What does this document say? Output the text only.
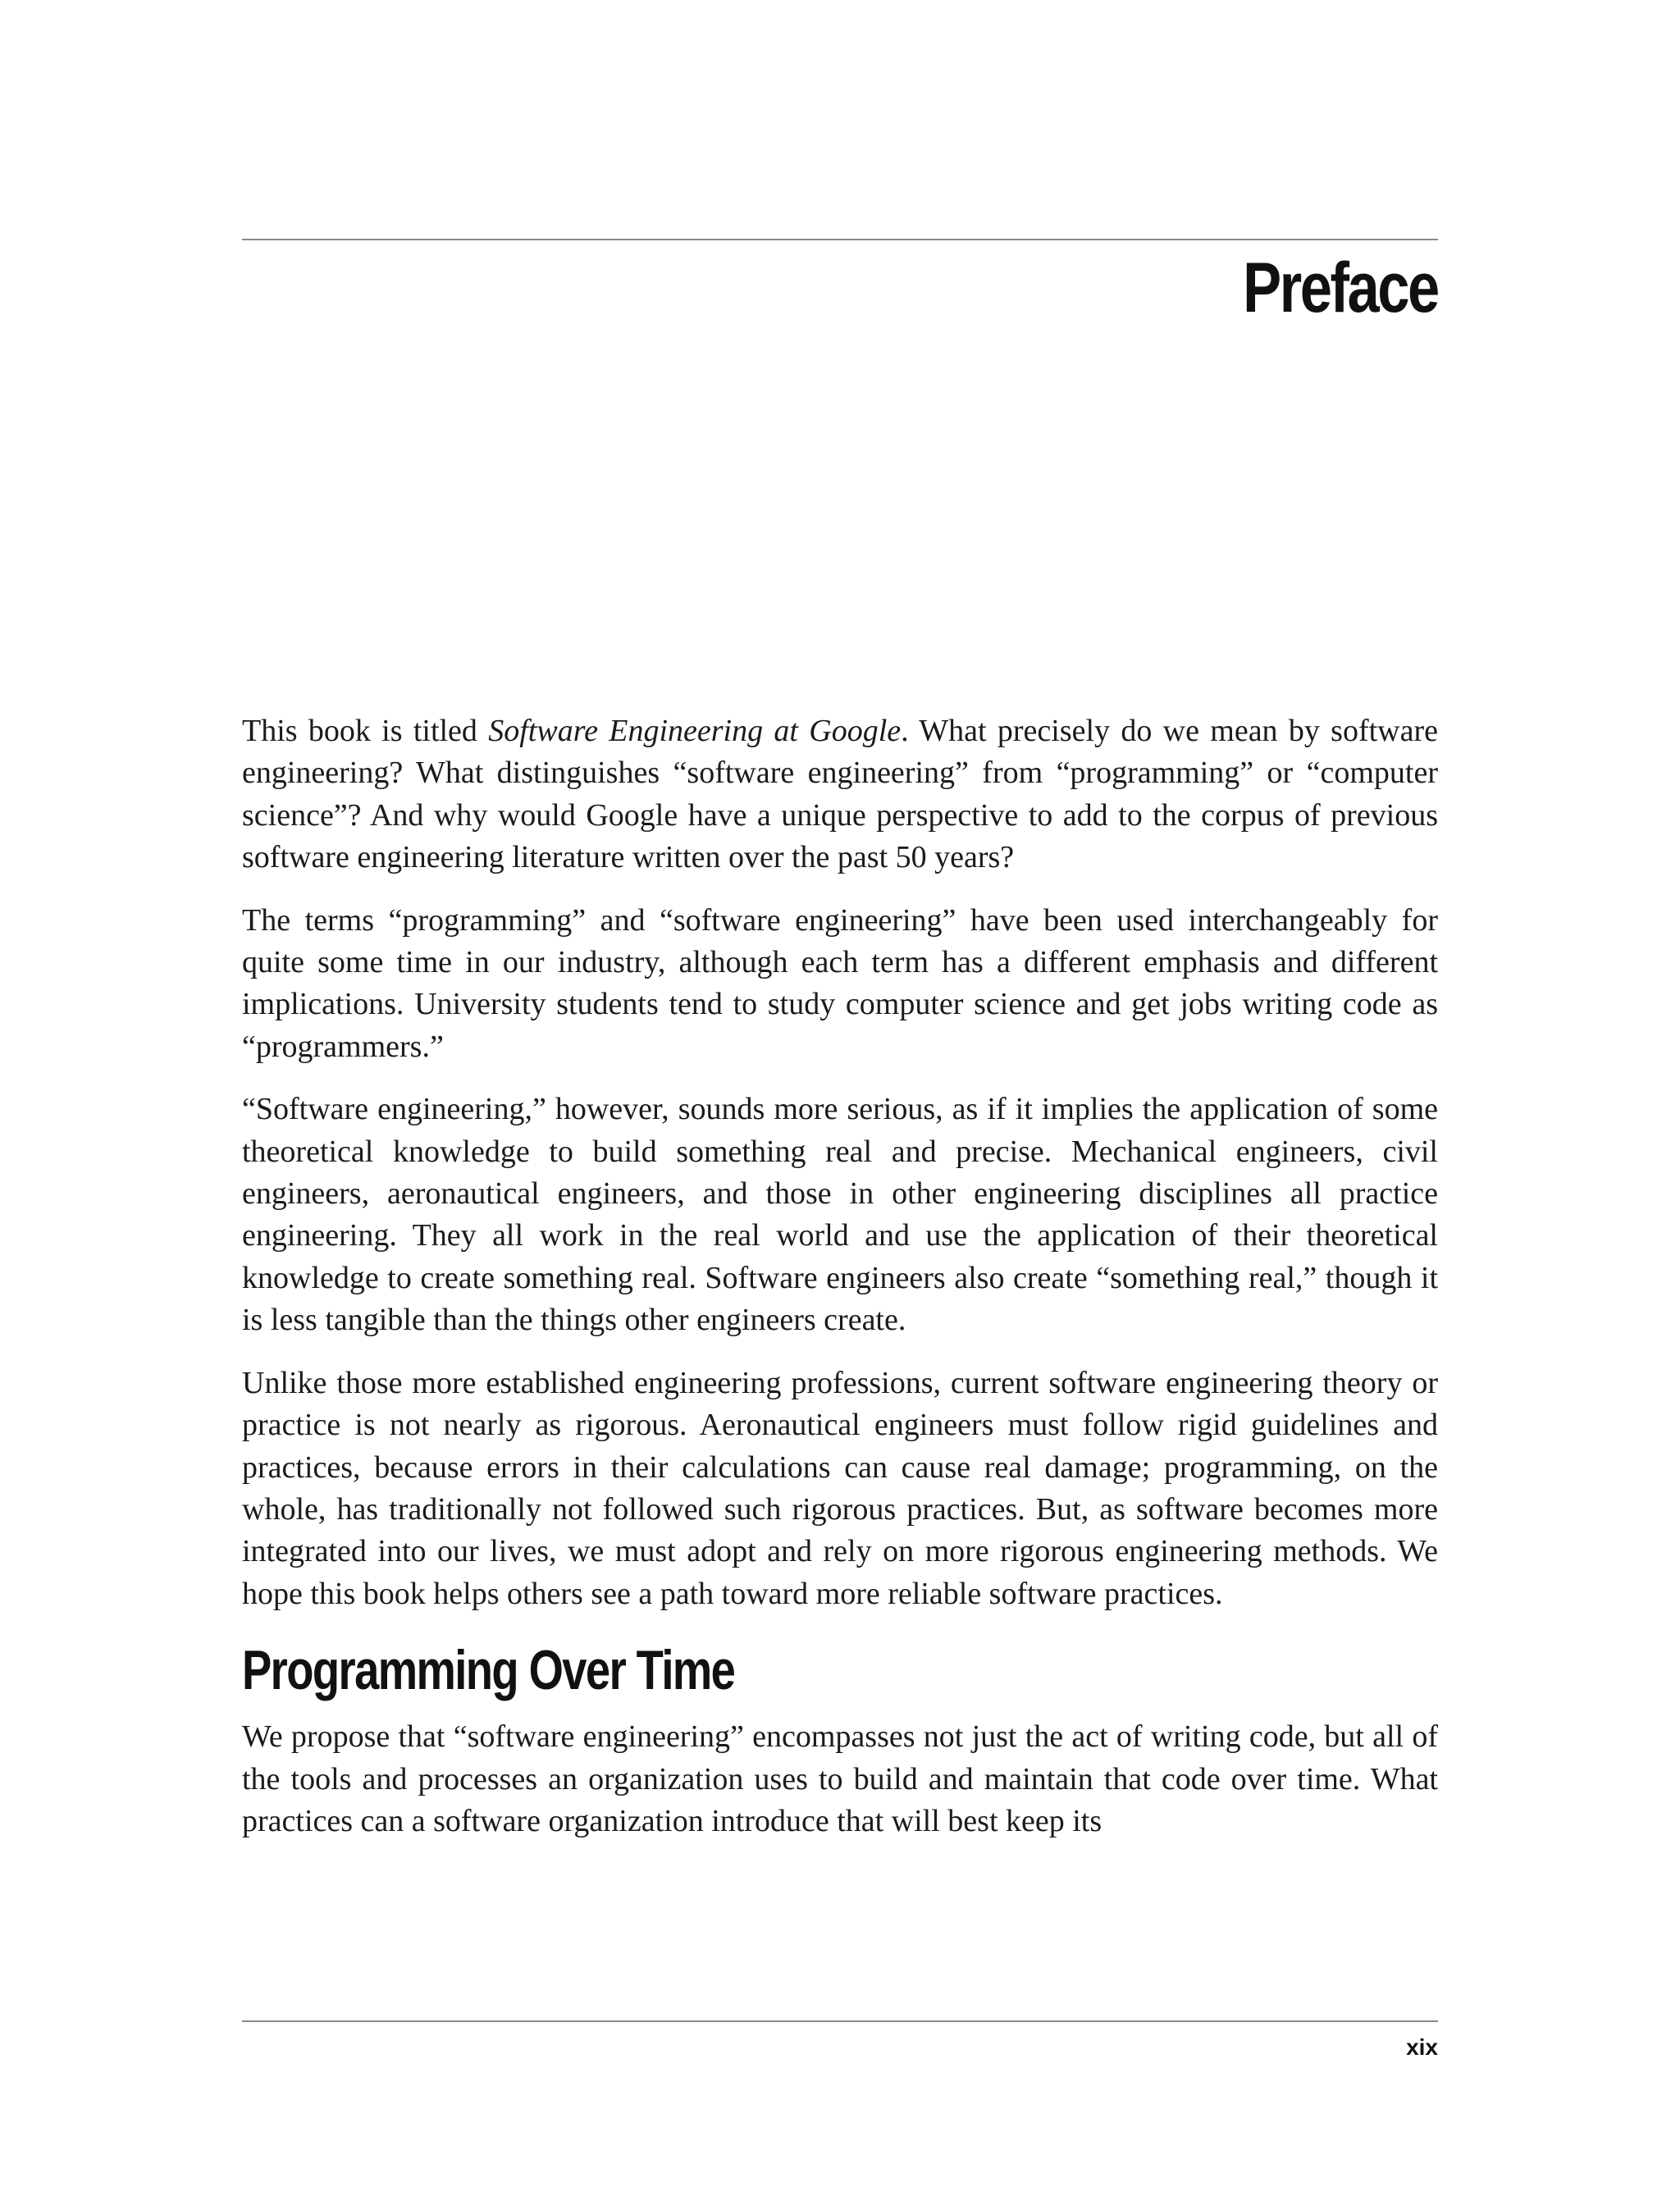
Preface

This book is titled Software Engineering at Google. What precisely do we mean by software engineering? What distinguishes “software engineering” from “programming” or “computer science”? And why would Google have a unique perspective to add to the corpus of previous software engineering literature written over the past 50 years?

The terms “programming” and “software engineering” have been used interchangeably for quite some time in our industry, although each term has a different emphasis and different implications. University students tend to study computer science and get jobs writing code as “programmers.”

“Software engineering,” however, sounds more serious, as if it implies the application of some theoretical knowledge to build something real and precise. Mechanical engineers, civil engineers, aeronautical engineers, and those in other engineering disciplines all practice engineering. They all work in the real world and use the application of their theoretical knowledge to create something real. Software engineers also create “something real,” though it is less tangible than the things other engineers create.

Unlike those more established engineering professions, current software engineering theory or practice is not nearly as rigorous. Aeronautical engineers must follow rigid guidelines and practices, because errors in their calculations can cause real damage; programming, on the whole, has traditionally not followed such rigorous practices. But, as software becomes more integrated into our lives, we must adopt and rely on more rigorous engineering methods. We hope this book helps others see a path toward more reliable software practices.

Programming Over Time

We propose that “software engineering” encompasses not just the act of writing code, but all of the tools and processes an organization uses to build and maintain that code over time. What practices can a software organization introduce that will best keep its

xix
